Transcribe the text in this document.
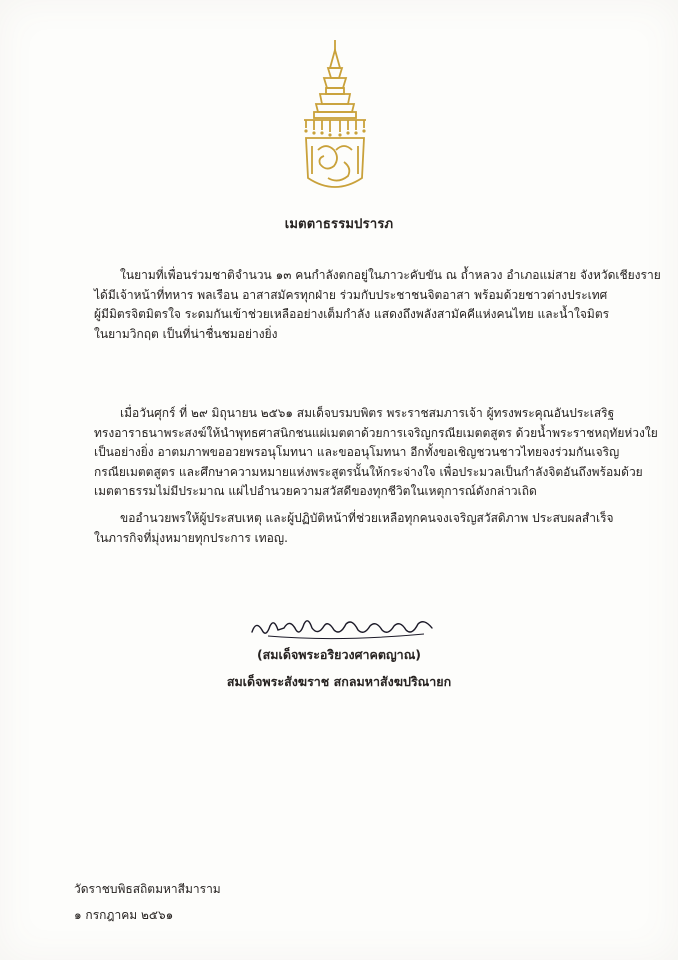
เมตตาธรรมปรารภ

ในยามที่เพื่อนร่วมชาติจำนวน ๑๓ คนกำลังตกอยู่ในภาวะคับขัน ณ ถ้ำหลวง อำเภอแม่สาย จังหวัดเชียงราย
ได้มีเจ้าหน้าที่ทหาร พลเรือน อาสาสมัครทุกฝ่าย ร่วมกับประชาชนจิตอาสา พร้อมด้วยชาวต่างประเทศ
ผู้มีมิตรจิตมิตรใจ ระดมกันเข้าช่วยเหลืออย่างเต็มกำลัง แสดงถึงพลังสามัคคีแห่งคนไทย และน้ำใจมิตร
ในยามวิกฤต เป็นที่น่าชื่นชมอย่างยิ่ง

เมื่อวันศุกร์ ที่ ๒๙ มิถุนายน ๒๕๖๑ สมเด็จบรมบพิตร พระราชสมภารเจ้า ผู้ทรงพระคุณอันประเสริฐ
ทรงอาราธนาพระสงฆ์ให้นำพุทธศาสนิกชนแผ่เมตตาด้วยการเจริญกรณียเมตตสูตร ด้วยน้ำพระราชหฤทัยห่วงใย
เป็นอย่างยิ่ง อาตมภาพขออวยพรอนุโมทนา และขออนุโมทนา อีกทั้งขอเชิญชวนชาวไทยจงร่วมกันเจริญ
กรณียเมตตสูตร และศึกษาความหมายแห่งพระสูตรนั้นให้กระจ่างใจ เพื่อประมวลเป็นกำลังจิตอันถึงพร้อมด้วย
เมตตาธรรมไม่มีประมาณ แผ่ไปอำนวยความสวัสดีของทุกชีวิตในเหตุการณ์ดังกล่าวเถิด

ขออำนวยพรให้ผู้ประสบเหตุ และผู้ปฏิบัติหน้าที่ช่วยเหลือทุกคนจงเจริญสวัสดิภาพ ประสบผลสำเร็จ
ในภารกิจที่มุ่งหมายทุกประการ เทอญ.

(สมเด็จพระอริยวงศาคตญาณ)
สมเด็จพระสังฆราช สกลมหาสังฆปริณายก
วัดราชบพิธสถิตมหาสีมาราม
๑ กรกฎาคม ๒๕๖๑
